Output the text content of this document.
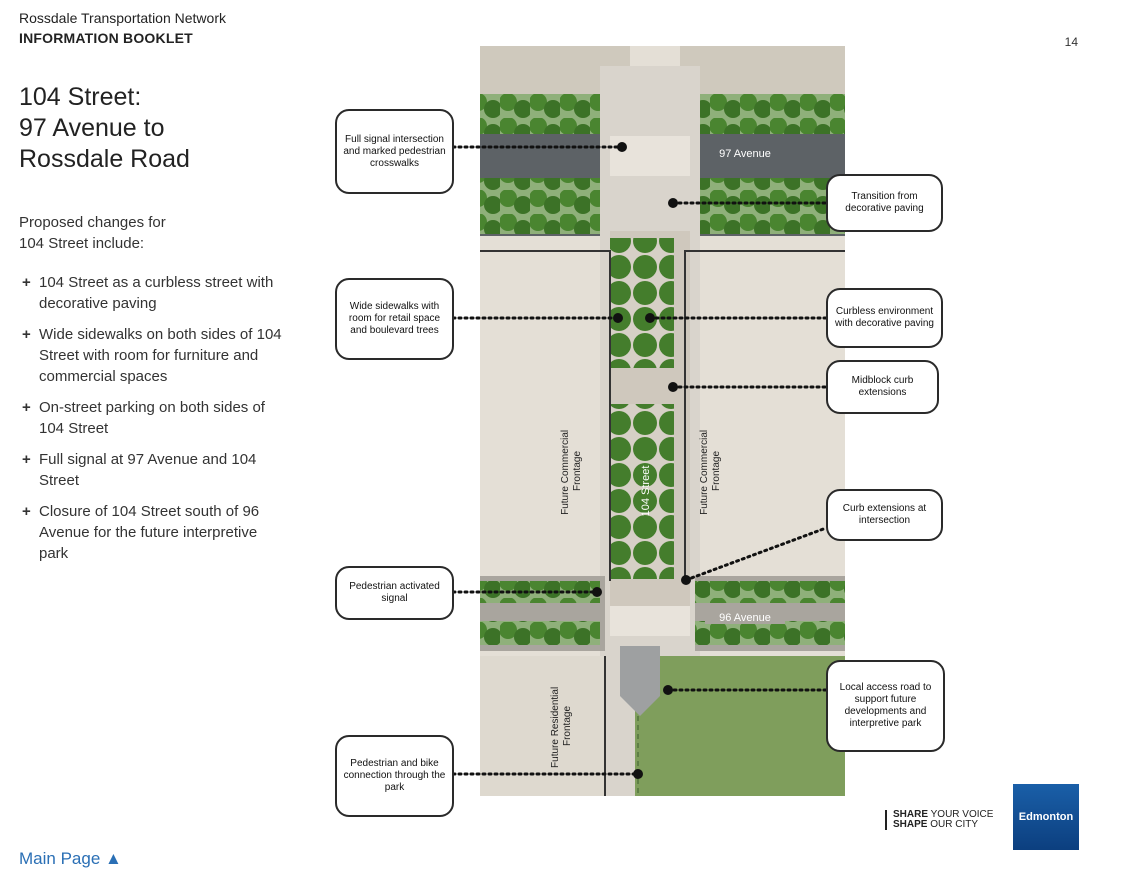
Rossdale Transportation Network
INFORMATION BOOKLET	14
104 Street:
97 Avenue to
Rossdale Road
Proposed changes for
104 Street include:
+ 104 Street as a curbless street with decorative paving
+ Wide sidewalks on both sides of 104 Street with room for furniture and commercial spaces
+ On-street parking on both sides of 104 Street
+ Full signal at 97 Avenue and 104 Street
+ Closure of 104 Street south of 96 Avenue for the future interpretive park
97 Avenue
96 Avenue
104 Street
Future Commercial Frontage	Future Commercial Frontage
Future Residential Frontage
Full signal intersection and marked pedestrian crosswalks
Transition from decorative paving
Wide sidewalks with room for retail space and boulevard trees
Curbless environment with decorative paving
Midblock curb extensions
Curb extensions at intersection
Pedestrian activated signal
Local access road to support future developments and interpretive park
Pedestrian and bike connection through the park
SHARE YOUR VOICE
SHAPE OUR CITY
Edmonton
Main Page ▲
